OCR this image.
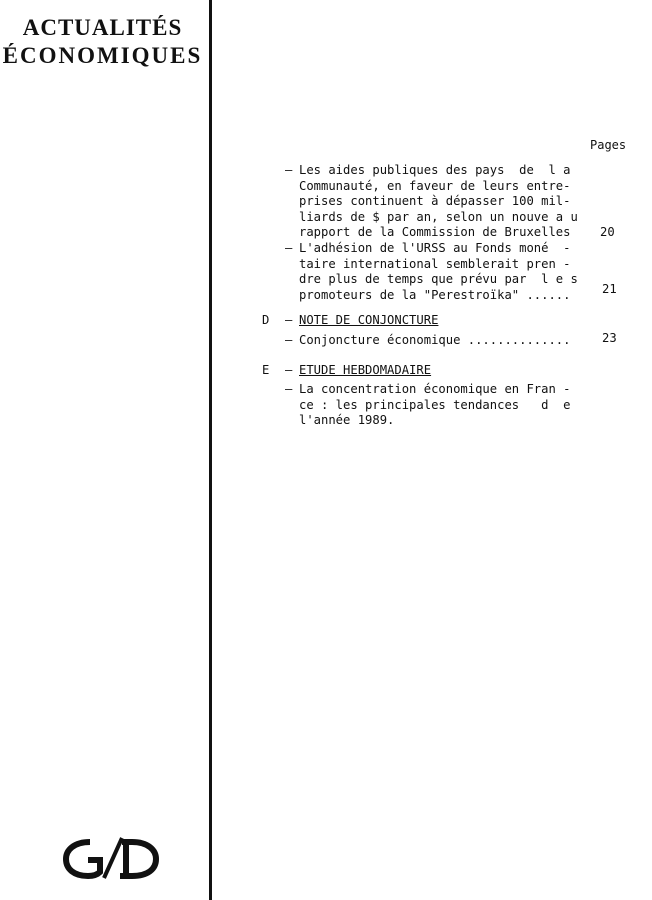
ACTUALITÉS
ÉCONOMIQUES
Pages
– Les aides publiques des pays  de  l a
Communauté, en faveur de leurs entre-
prises continuent à dépasser 100 mil-
liards de $ par an, selon un nouve a u
rapport de la Commission de Bruxelles 20
– L'adhésion de l'URSS au Fonds moné  -
taire international semblerait pren -
dre plus de temps que prévu par  l e s
promoteurs de la "Perestroïka" ......	21
D – NOTE DE CONJONCTURE
– Conjoncture économique ..............	23
E – ETUDE HEBDOMADAIRE
– La concentration économique en Fran -
ce : les principales tendances   d  e
l'année 1989.
